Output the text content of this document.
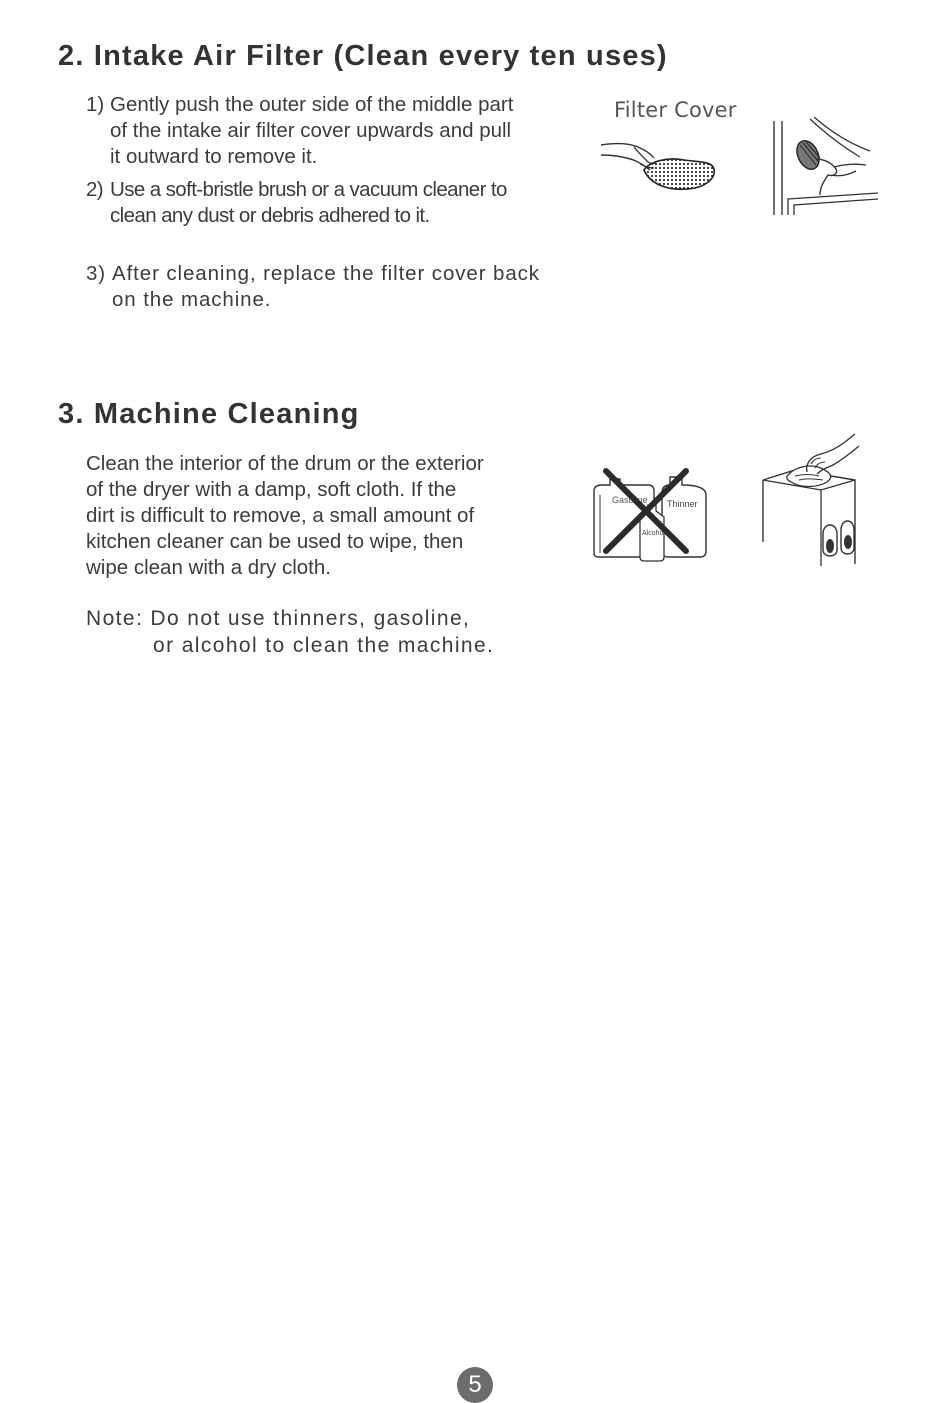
2. Intake Air Filter (Clean every ten uses)
1) Gently push the outer side of the middle part
of the intake air filter cover upwards and pull
it outward to remove it.
2) Use a soft-bristle brush or a vacuum cleaner to
clean any dust or debris adhered to it.
3) After cleaning, replace the filter cover back
on the machine.
Filter Cover
3. Machine Cleaning
Clean the interior of the drum or the exterior
of the dryer with a damp, soft cloth. If the
dirt is difficult to remove, a small amount of
kitchen cleaner can be used to wipe, then
wipe clean with a dry cloth.
Note: Do not use thinners, gasoline,
or alcohol to clean the machine.
Gasoline Thinner
Alcohol
5
